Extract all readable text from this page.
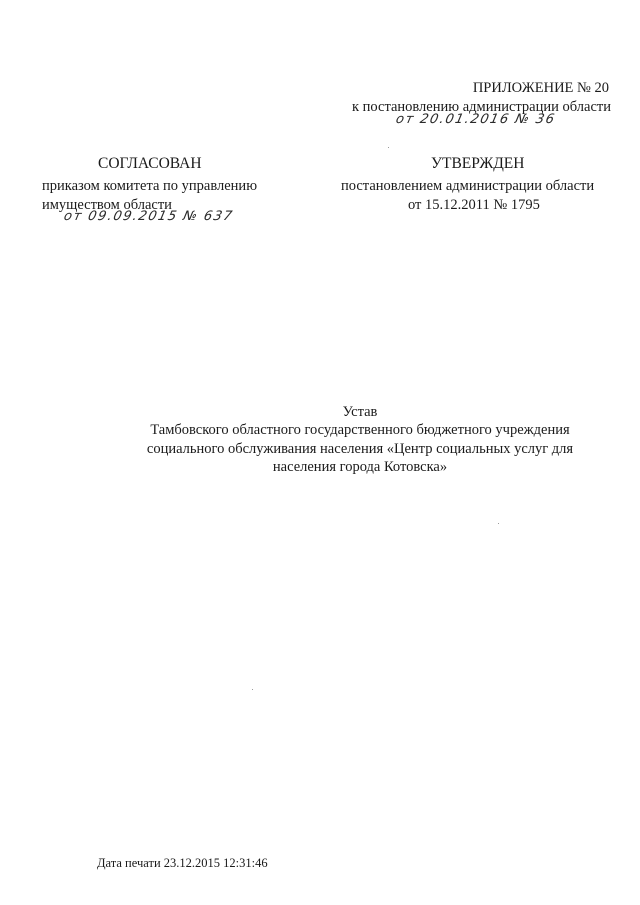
ПРИЛОЖЕНИЕ № 20
к постановлению администрации области
от 20.01.2016 № 36
СОГЛАСОВАН
приказом комитета по управлению
имуществом области
от 09.09.2015 № 637
УТВЕРЖДЕН
постановлением администрации области
от 15.12.2011 № 1795
Устав
Тамбовского областного государственного бюджетного учреждения
социального обслуживания населения «Центр социальных услуг для
населения города Котовска»
Дата печати 23.12.2015 12:31:46
